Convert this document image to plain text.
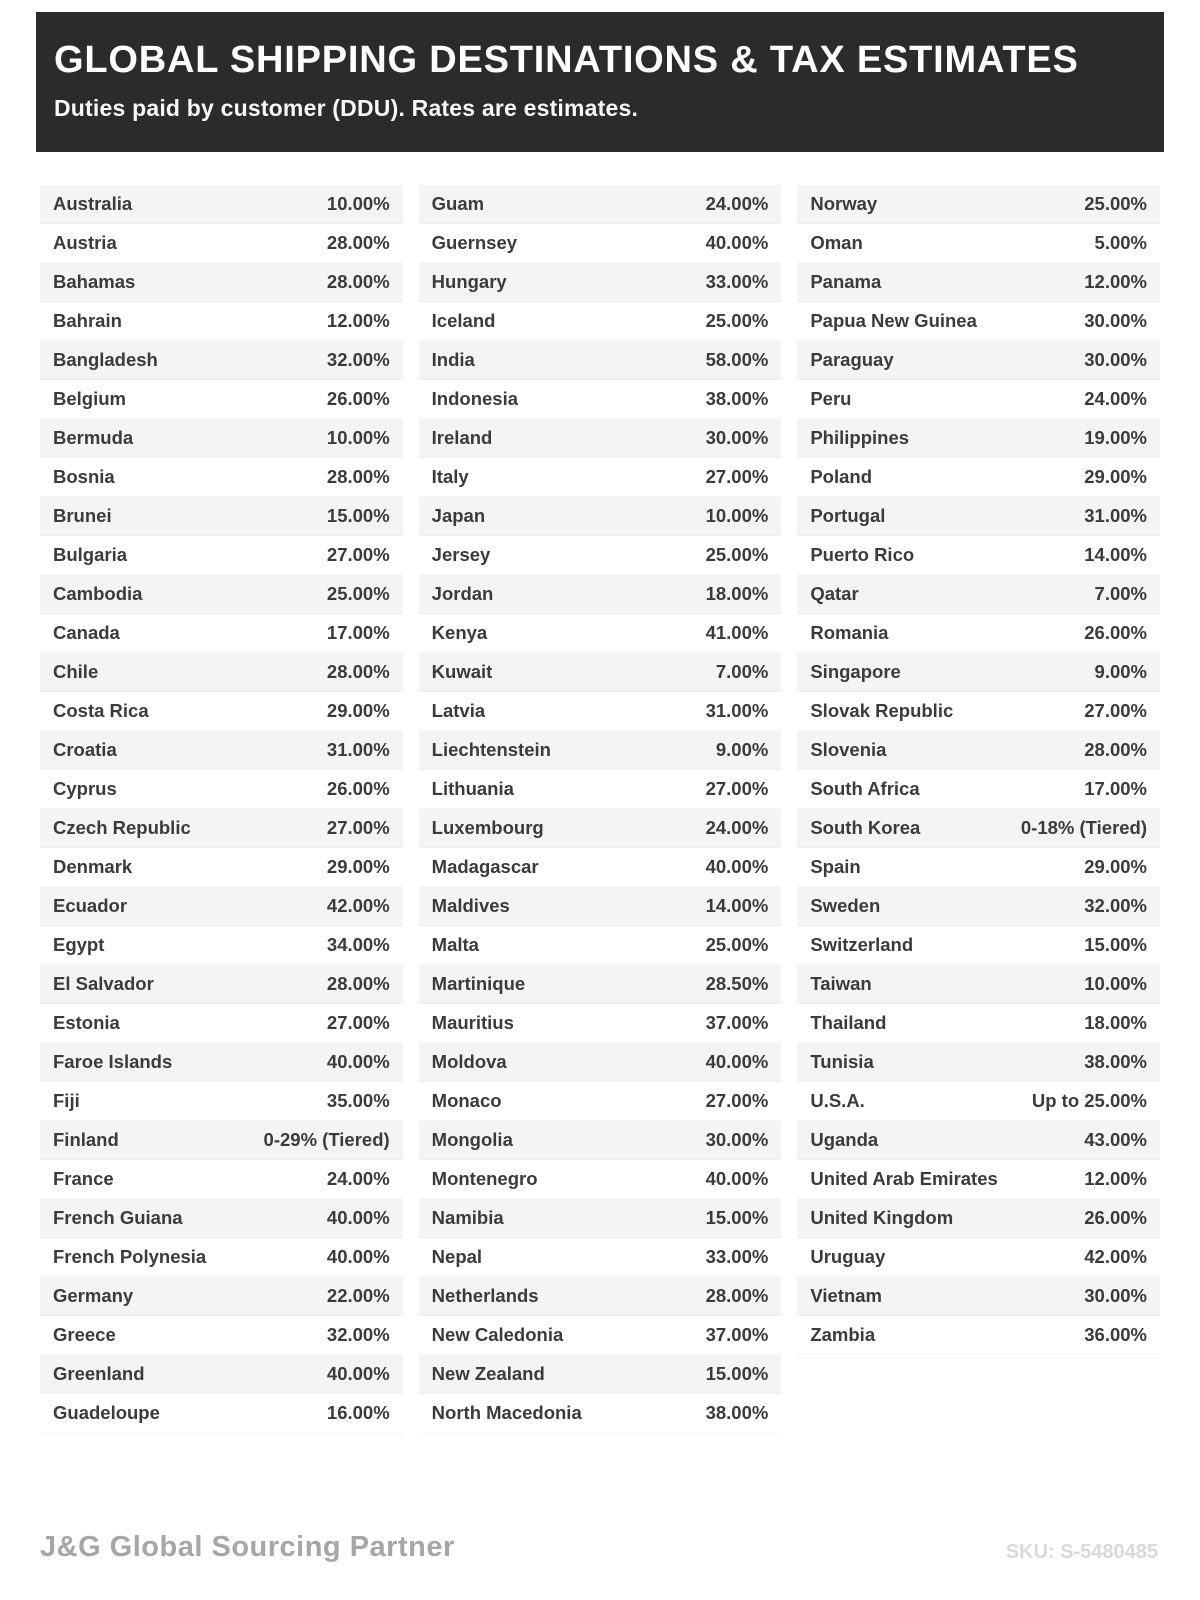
GLOBAL SHIPPING DESTINATIONS & TAX ESTIMATES

Duties paid by customer (DDU). Rates are estimates.

Australia	10.00%
Austria	28.00%
Bahamas	28.00%
Bahrain	12.00%
Bangladesh	32.00%
Belgium	26.00%
Bermuda	10.00%
Bosnia	28.00%
Brunei	15.00%
Bulgaria	27.00%
Cambodia	25.00%
Canada	17.00%
Chile	28.00%
Costa Rica	29.00%
Croatia	31.00%
Cyprus	26.00%
Czech Republic	27.00%
Denmark	29.00%
Ecuador	42.00%
Egypt	34.00%
El Salvador	28.00%
Estonia	27.00%
Faroe Islands	40.00%
Fiji	35.00%
Finland	0-29% (Tiered)
France	24.00%
French Guiana	40.00%
French Polynesia	40.00%
Germany	22.00%
Greece	32.00%
Greenland	40.00%
Guadeloupe	16.00%
Guam	24.00%
Guernsey	40.00%
Hungary	33.00%
Iceland	25.00%
India	58.00%
Indonesia	38.00%
Ireland	30.00%
Italy	27.00%
Japan	10.00%
Jersey	25.00%
Jordan	18.00%
Kenya	41.00%
Kuwait	7.00%
Latvia	31.00%
Liechtenstein	9.00%
Lithuania	27.00%
Luxembourg	24.00%
Madagascar	40.00%
Maldives	14.00%
Malta	25.00%
Martinique	28.50%
Mauritius	37.00%
Moldova	40.00%
Monaco	27.00%
Mongolia	30.00%
Montenegro	40.00%
Namibia	15.00%
Nepal	33.00%
Netherlands	28.00%
New Caledonia	37.00%
New Zealand	15.00%
North Macedonia	38.00%
Norway	25.00%
Oman	5.00%
Panama	12.00%
Papua New Guinea	30.00%
Paraguay	30.00%
Peru	24.00%
Philippines	19.00%
Poland	29.00%
Portugal	31.00%
Puerto Rico	14.00%
Qatar	7.00%
Romania	26.00%
Singapore	9.00%
Slovak Republic	27.00%
Slovenia	28.00%
South Africa	17.00%
South Korea	0-18% (Tiered)
Spain	29.00%
Sweden	32.00%
Switzerland	15.00%
Taiwan	10.00%
Thailand	18.00%
Tunisia	38.00%
U.S.A.	Up to 25.00%
Uganda	43.00%
United Arab Emirates	12.00%
United Kingdom	26.00%
Uruguay	42.00%
Vietnam	30.00%
Zambia	36.00%
J&G Global Sourcing Partner	SKU: S-5480485
